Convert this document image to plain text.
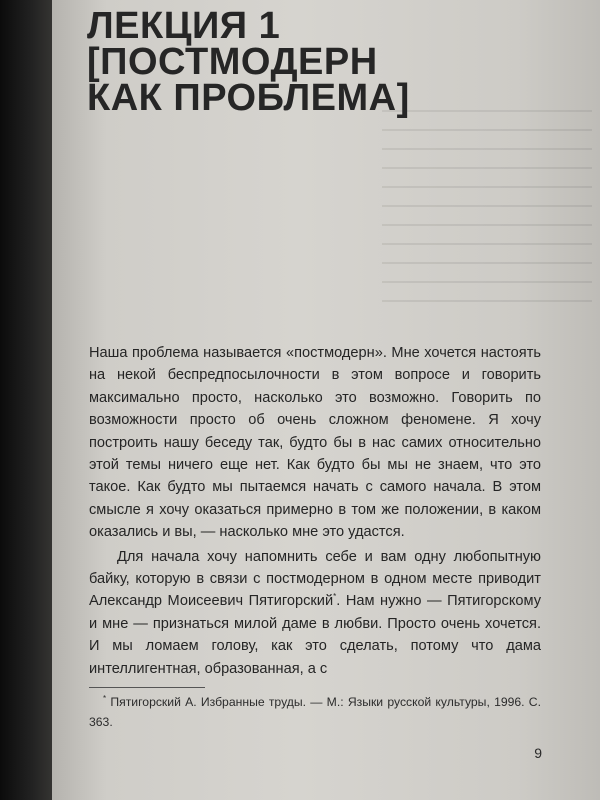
ЛЕКЦИЯ 1
[ПОСТМОДЕРН
КАК ПРОБЛЕМА]

Наша проблема называется «постмодерн». Мне хочется настоять на некой беспредпосылочности в этом вопросе и говорить максимально просто, насколько это возможно. Говорить по возможности просто об очень сложном феномене. Я хочу построить нашу беседу так, будто бы в нас самих относительно этой темы ничего еще нет. Как будто бы мы не знаем, что это такое. Как будто мы пытаемся начать с самого начала. В этом смысле я хочу оказаться примерно в том же положении, в каком оказались и вы, — насколько мне это удастся.

Для начала хочу напомнить себе и вам одну любопытную байку, которую в связи с постмодерном в одном месте приводит Александр Моисеевич Пятигорский*. Нам нужно — Пятигорскому и мне — признаться милой даме в любви. Просто очень хочется. И мы ломаем голову, как это сделать, потому что дама интеллигентная, образованная, а с

* Пятигорский А. Избранные труды. — М.: Языки русской культуры, 1996. С. 363.
9
